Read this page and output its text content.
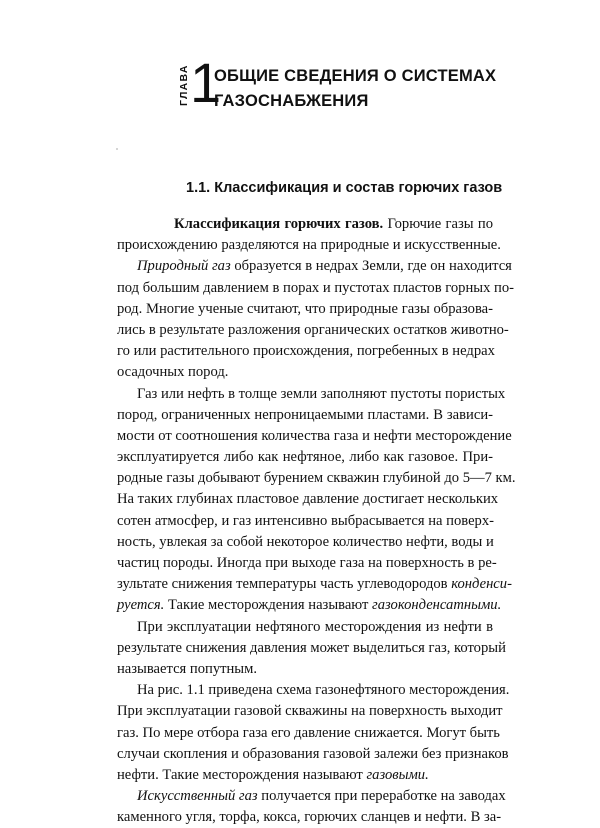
ГЛАВА 1
ОБЩИЕ СВЕДЕНИЯ О СИСТЕМАХ
ГАЗОСНАБЖЕНИЯ
1.1. Классификация и состав горючих газов
Классификация горючих газов. Горючие газы по
происхождению разделяются на природные и искусственные.
Природный газ образуется в недрах Земли, где он находится
под большим давлением в порах и пустотах пластов горных по-
род. Многие ученые считают, что природные газы образова-
лись в результате разложения органических остатков животно-
го или растительного происхождения, погребенных в недрах
осадочных пород.
Газ или нефть в толще земли заполняют пустоты пористых
пород, ограниченных непроницаемыми пластами. В зависи-
мости от соотношения количества газа и нефти месторождение
эксплуатируется либо как нефтяное, либо как газовое. При-
родные газы добывают бурением скважин глубиной до 5—7 км.
На таких глубинах пластовое давление достигает нескольких
сотен атмосфер, и газ интенсивно выбрасывается на поверх-
ность, увлекая за собой некоторое количество нефти, воды и
частиц породы. Иногда при выходе газа на поверхность в ре-
зультате снижения температуры часть углеводородов конденси-
руется. Такие месторождения называют газоконденсатными.
При эксплуатации нефтяного месторождения из нефти в
результате снижения давления может выделиться газ, который
называется попутным.
На рис. 1.1 приведена схема газонефтяного месторождения.
При эксплуатации газовой скважины на поверхность выходит
газ. По мере отбора газа его давление снижается. Могут быть
случаи скопления и образования газовой залежи без признаков
нефти. Такие месторождения называют газовыми.
Искусственный газ получается при переработке на заводах
каменного угля, торфа, кокса, горючих сланцев и нефти. В за-
